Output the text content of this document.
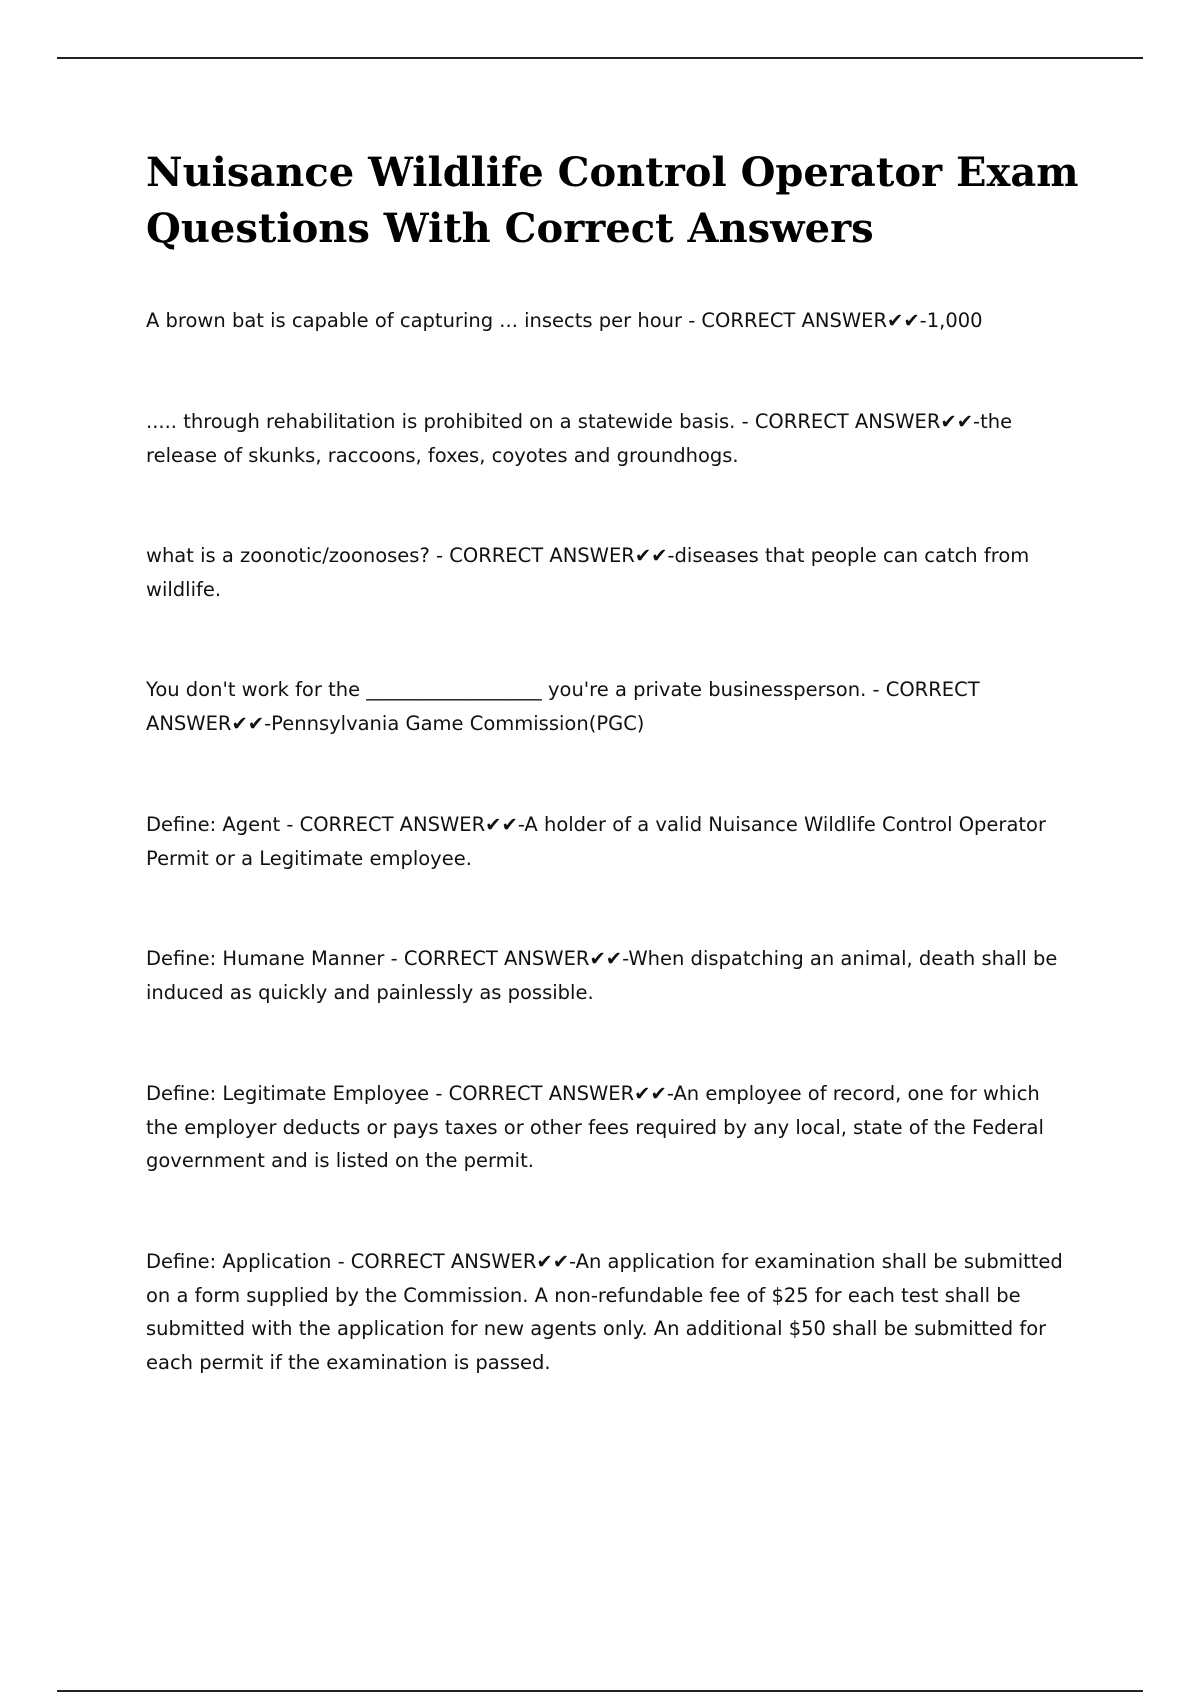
Nuisance Wildlife Control Operator Exam
Questions With Correct Answers

A brown bat is capable of capturing ... insects per hour - CORRECT ANSWER✔✔-1,000

..... through rehabilitation is prohibited on a statewide basis. - CORRECT ANSWER✔✔-the
release of skunks, raccoons, foxes, coyotes and groundhogs.

what is a zoonotic/zoonoses? - CORRECT ANSWER✔✔-diseases that people can catch from
wildlife.

You don't work for the __________________ you're a private businessperson. - CORRECT
ANSWER✔✔-Pennsylvania Game Commission(PGC)

Define: Agent - CORRECT ANSWER✔✔-A holder of a valid Nuisance Wildlife Control Operator
Permit or a Legitimate employee.

Define: Humane Manner - CORRECT ANSWER✔✔-When dispatching an animal, death shall be
induced as quickly and painlessly as possible.

Define: Legitimate Employee - CORRECT ANSWER✔✔-An employee of record, one for which
the employer deducts or pays taxes or other fees required by any local, state of the Federal
government and is listed on the permit.

Define: Application - CORRECT ANSWER✔✔-An application for examination shall be submitted
on a form supplied by the Commission. A non-refundable fee of $25 for each test shall be
submitted with the application for new agents only. An additional $50 shall be submitted for
each permit if the examination is passed.
